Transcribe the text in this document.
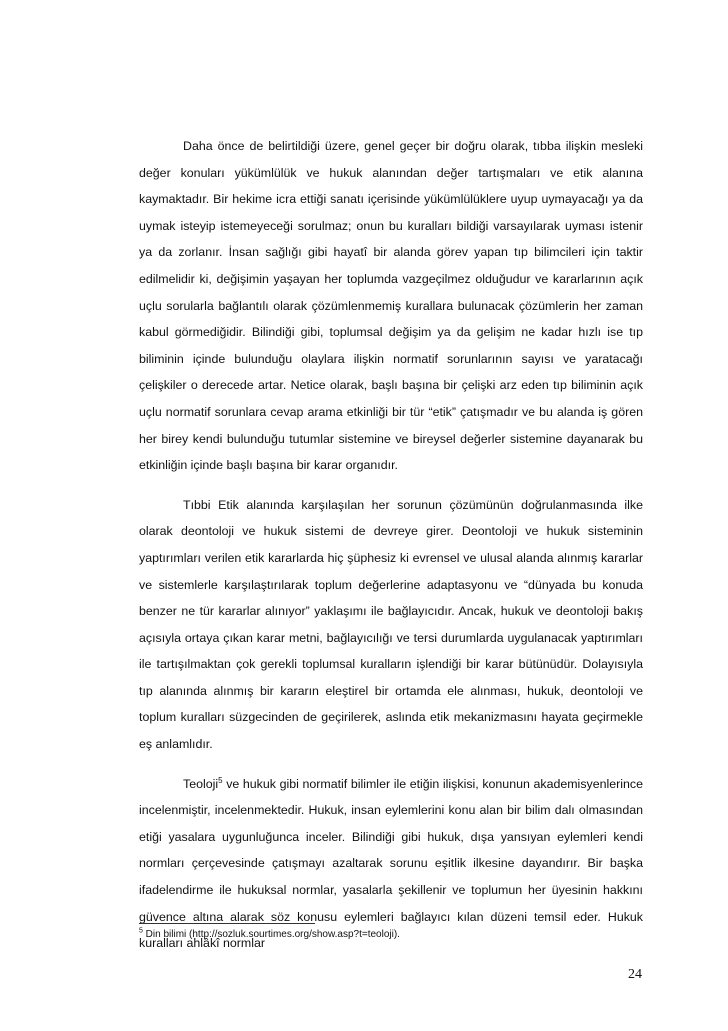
Daha önce de belirtildiği üzere, genel geçer bir doğru olarak, tıbba ilişkin mesleki değer konuları yükümlülük ve hukuk alanından değer tartışmaları ve etik alanına kaymaktadır. Bir hekime icra ettiği sanatı içerisinde yükümlülüklere uyup uymayacağı ya da uymak isteyip istemeyeceği sorulmaz; onun bu kuralları bildiği varsayılarak uyması istenir ya da zorlanır. İnsan sağlığı gibi hayatî bir alanda görev yapan tıp bilimcileri için taktir edilmelidir ki, değişimin yaşayan her toplumda vazgeçilmez olduğudur ve kararlarının açık uçlu sorularla bağlantılı olarak çözümlenmemiş kurallara bulunacak çözümlerin her zaman kabul görmediğidir. Bilindiği gibi, toplumsal değişim ya da gelişim ne kadar hızlı ise tıp biliminin içinde bulunduğu olaylara ilişkin normatif sorunlarının sayısı ve yaratacağı çelişkiler o derecede artar. Netice olarak, başlı başına bir çelişki arz eden tıp biliminin açık uçlu normatif sorunlara cevap arama etkinliği bir tür “etik” çatışmadır ve bu alanda iş gören her birey kendi bulunduğu tutumlar sistemine ve bireysel değerler sistemine dayanarak bu etkinliğin içinde başlı başına bir karar organıdır.

Tıbbi Etik alanında karşılaşılan her sorunun çözümünün doğrulanmasında ilke olarak deontoloji ve hukuk sistemi de devreye girer. Deontoloji ve hukuk sisteminin yaptırımları verilen etik kararlarda hiç şüphesiz ki evrensel ve ulusal alanda alınmış kararlar ve sistemlerle karşılaştırılarak toplum değerlerine adaptasyonu ve “dünyada bu konuda benzer ne tür kararlar alınıyor” yaklaşımı ile bağlayıcıdır. Ancak, hukuk ve deontoloji bakış açısıyla ortaya çıkan karar metni, bağlayıcılığı ve tersi durumlarda uygulanacak yaptırımları ile tartışılmaktan çok gerekli toplumsal kuralların işlendiği bir karar bütünüdür. Dolayısıyla tıp alanında alınmış bir kararın eleştirel bir ortamda ele alınması, hukuk, deontoloji ve toplum kuralları süzgecinden de geçirilerek, aslında etik mekanizmasını hayata geçirmekle eş anlamlıdır.

Teoloji$^5$ ve hukuk gibi normatif bilimler ile etiğin ilişkisi, konunun akademisyenlerince incelenmiştir, incelenmektedir. Hukuk, insan eylemlerini konu alan bir bilim dalı olmasından etiği yasalara uygunluğunca inceler. Bilindiği gibi hukuk, dışa yansıyan eylemleri kendi normları çerçevesinde çatışmayı azaltarak sorunu eşitlik ilkesine dayandırır. Bir başka ifadelendirme ile hukuksal normlar, yasalarla şekillenir ve toplumun her üyesinin hakkını güvence altına alarak söz konusu eylemleri bağlayıcı kılan düzeni temsil eder. Hukuk kuralları ahlâkî normlar

$^5$ Din bilimi (http://sozluk.sourtimes.org/show.asp?t=teoloji).
24
